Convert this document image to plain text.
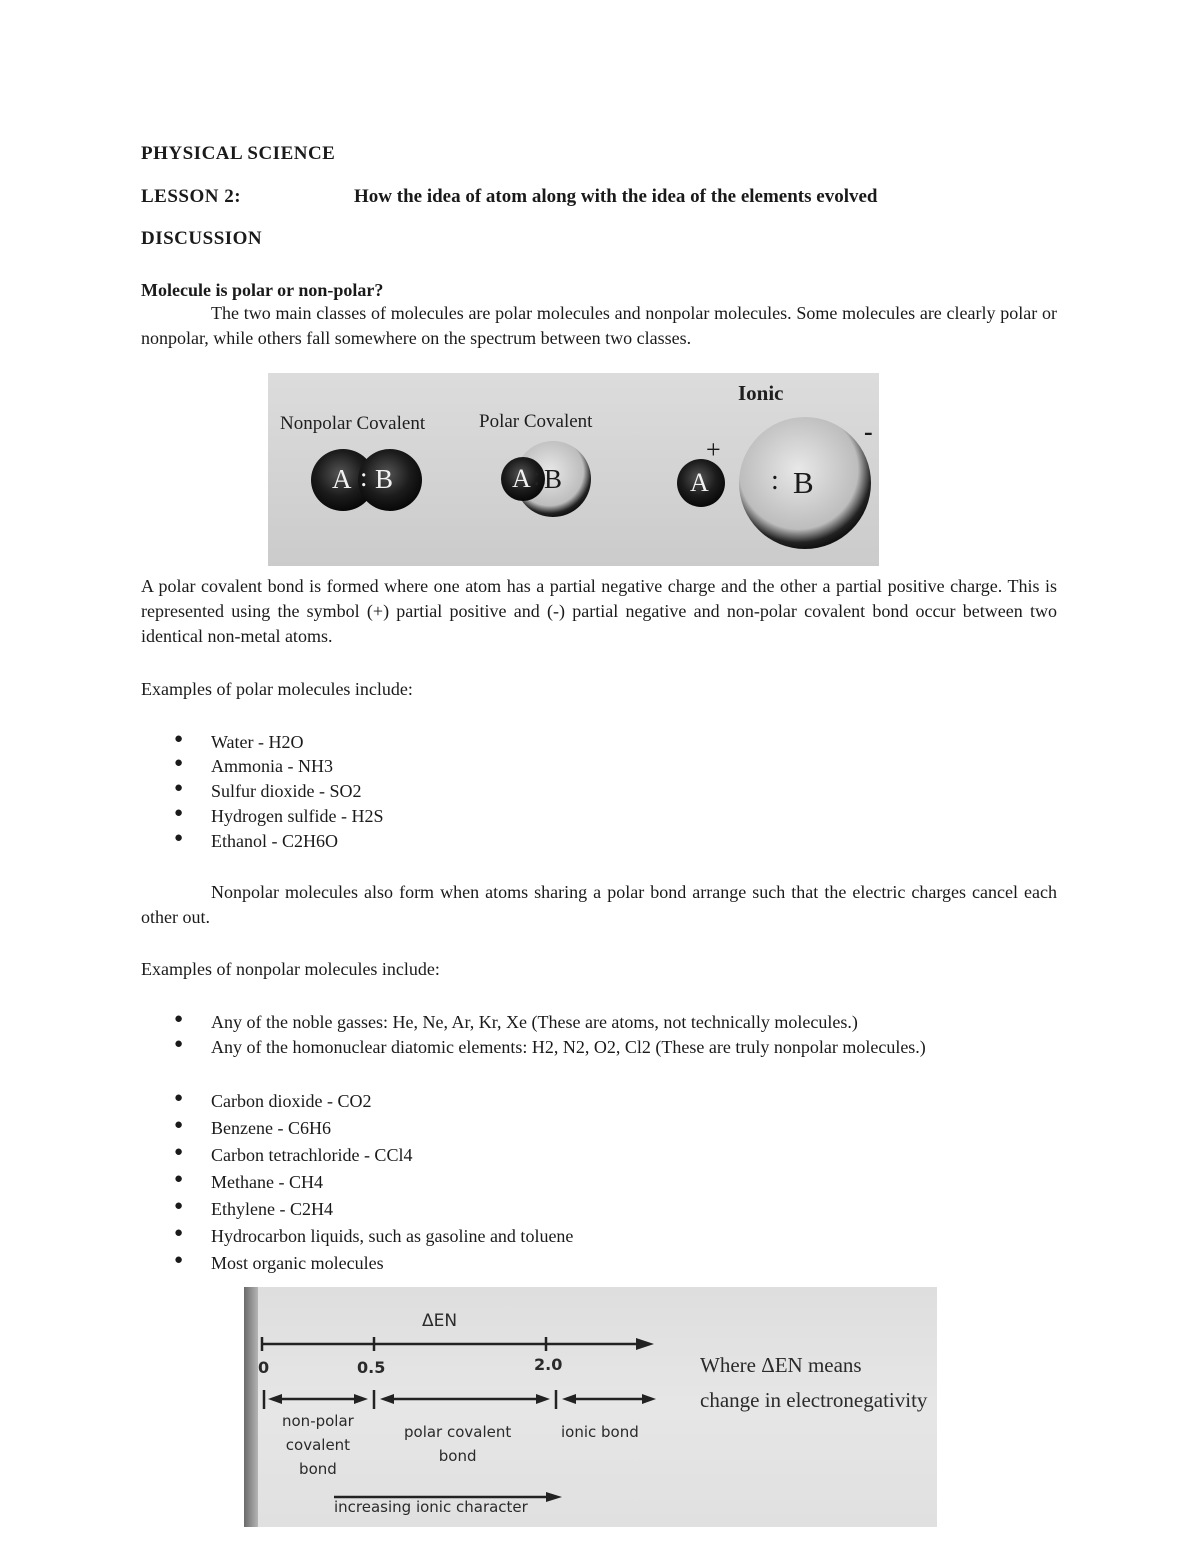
PHYSICAL SCIENCE
LESSON 2:	How the idea of atom along with the idea of the elements evolved
DISCUSSION
Molecule is polar or non-polar?
The two main classes of molecules are polar molecules and nonpolar molecules. Some molecules are clearly polar or nonpolar, while others fall somewhere on the spectrum between two classes.
Nonpolar Covalent	Polar Covalent
Ionic
A : B	A : B	A
+
: B
-
A polar covalent bond is formed where one atom has a partial negative charge and the other a partial positive charge. This is represented using the symbol (+) partial positive and (-) partial negative and non-polar covalent bond occur between two identical non-metal atoms.
Examples of polar molecules include:
● Water - H2O
● Ammonia - NH3
● Sulfur dioxide - SO2
● Hydrogen sulfide - H2S
● Ethanol - C2H6O
Nonpolar molecules also form when atoms sharing a polar bond arrange such that the electric charges cancel each other out.
Examples of nonpolar molecules include:
● Any of the noble gasses: He, Ne, Ar, Kr, Xe (These are atoms, not technically molecules.)
● Any of the homonuclear diatomic elements: H2, N2, O2, Cl2 (These are truly nonpolar molecules.)
● Carbon dioxide - CO2
● Benzene - C6H6
● Carbon tetrachloride - CCl4
● Methane - CH4
● Ethylene - C2H4
● Hydrocarbon liquids, such as gasoline and toluene
● Most organic molecules
ΔEN
0	0.5	2.0
non-polar
covalent
bond
polar covalent
bond
ionic bond
increasing ionic character
Where ΔEN means
change in electronegativity
